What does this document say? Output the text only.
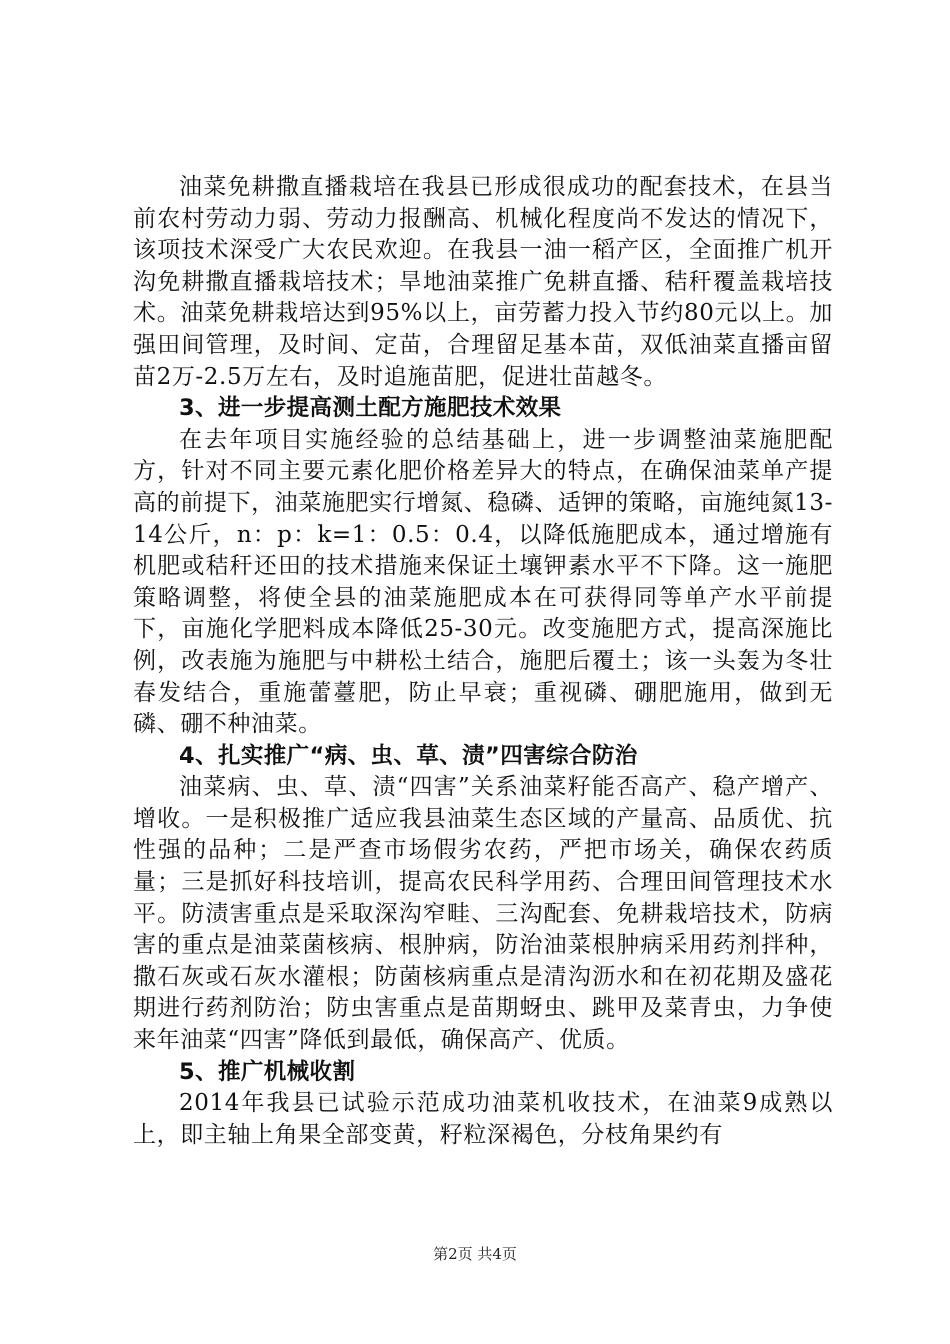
油菜免耕撒直播栽培在我县已形成很成功的配套技术，在县当前农村劳动力弱、劳动力报酬高、机械化程度尚不发达的情况下，该项技术深受广大农民欢迎。在我县一油一稻产区，全面推广机开沟免耕撒直播栽培技术；旱地油菜推广免耕直播、秸秆覆盖栽培技术。油菜免耕栽培达到95%以上，亩劳蓄力投入节约80元以上。加强田间管理，及时间、定苗，合理留足基本苗，双低油菜直播亩留苗2万-2.5万左右，及时追施苗肥，促进壮苗越冬。

3、进一步提高测土配方施肥技术效果

在去年项目实施经验的总结基础上，进一步调整油菜施肥配方，针对不同主要元素化肥价格差异大的特点，在确保油菜单产提高的前提下，油菜施肥实行增氮、稳磷、适钾的策略，亩施纯氮13-14公斤，n：p：k=1：0.5：0.4，以降低施肥成本，通过增施有机肥或秸秆还田的技术措施来保证土壤钾素水平不下降。这一施肥策略调整，将使全县的油菜施肥成本在可获得同等单产水平前提下，亩施化学肥料成本降低25-30元。改变施肥方式，提高深施比例，改表施为施肥与中耕松土结合，施肥后覆土；该一头轰为冬壮春发结合，重施蕾薹肥，防止早衰；重视磷、硼肥施用，做到无磷、硼不种油菜。

4、扎实推广“病、虫、草、渍”四害综合防治

油菜病、虫、草、渍“四害”关系油菜籽能否高产、稳产增产、增收。一是积极推广适应我县油菜生态区域的产量高、品质优、抗性强的品种；二是严查市场假劣农药，严把市场关，确保农药质量；三是抓好科技培训，提高农民科学用药、合理田间管理技术水平。防渍害重点是采取深沟窄畦、三沟配套、免耕栽培技术，防病害的重点是油菜菌核病、根肿病，防治油菜根肿病采用药剂拌种，撒石灰或石灰水灌根；防菌核病重点是清沟沥水和在初花期及盛花期进行药剂防治；防虫害重点是苗期蚜虫、跳甲及菜青虫，力争使来年油菜“四害”降低到最低，确保高产、优质。

5、推广机械收割

2014年我县已试验示范成功油菜机收技术，在油菜9成熟以上，即主轴上角果全部变黄，籽粒深褐色，分枝角果约有

第2页 共4页
